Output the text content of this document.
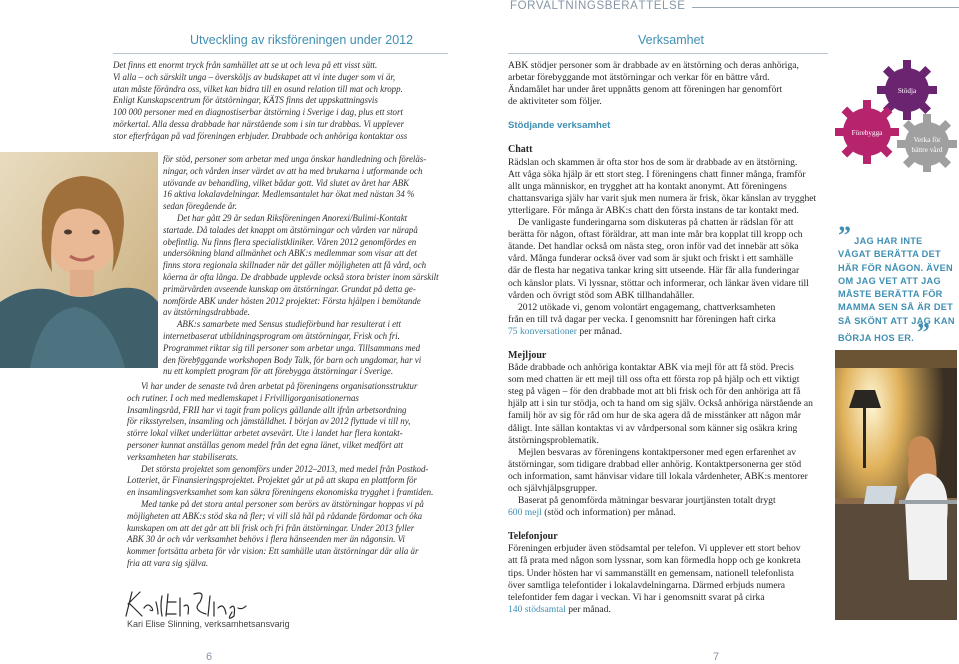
FÖRVALTNINGSBERÄTTELSE
Utveckling av riksföreningen under 2012	Verksamhet

Det finns ett enormt tryck från samhället att se ut och leva på ett visst sätt.

Vi alla – och särskilt unga – översköljs av budskapet att vi inte duger som vi är,

utan måste förändra oss, vilket kan bidra till en osund relation till mat och kropp.

Enligt Kunskapscentrum för ätstörningar, KÄTS finns det uppskattningsvis

100 000 personer med en diagnostiserbar ätstörning i Sverige i dag, plus ett stort

mörkertal. Alla dessa drabbade har närstående som i sin tur drabbas. Vi upplever

stor efterfrågan på vad föreningen erbjuder. Drabbade och anhöriga kontaktar oss

för stöd, personer som arbetar med unga önskar handledning och föreläs-

ningar, och vården inser värdet av att ha med brukarna i utformande och

utövande av behandling, vilket bådar gott. Vid slutet av året har ABK

16 aktiva lokalavdelningar. Medlemsantalet har ökat med nästan 34 %

sedan föregående år.

Det har gått 29 år sedan Riksföreningen Anorexi/Bulimi-Kontakt

startade. Då talades det knappt om ätstörningar och vården var närapå

obefintlig. Nu finns flera specialistkliniker. Våren 2012 genomfördes en

undersökning bland allmänhet och ABK:s medlemmar som visar att det

finns stora regionala skillnader när det gäller möjligheten att få vård, och

köerna är ofta långa. De drabbade upplevde också stora brister inom särskilt

primärvården avseende kunskap om ätstörningar. Grundat på detta ge-

nomförde ABK under hösten 2012 projektet: Första hjälpen i bemötande

av ätstörningsdrabbade.

ABK:s samarbete med Sensus studieförbund har resulterat i ett

internetbaserat utbildningsprogram om ätstörningar, Frisk och fri.

Programmet riktar sig till personer som arbetar unga. Tillsammans med

den föreby̌ggande workshopen Body Talk, för barn och ungdomar, har vi

nu ett komplett program för att förebygga ätstörningar i Sverige.

Vi har under de senaste två åren arbetat på föreningens organisationsstruktur

och rutiner. I och med medlemskapet i Frivilligorganisationernas

Insamlingsråd, FRII har vi tagit fram policys gällande allt ifrån arbetsordning

för riksstyrelsen, insamling och jämställdhet. I början av 2012 flyttade vi till ny,

större lokal vilket underlättar arbetet avsevärt. Ute i landet har flera kontakt-

personer kunnat anställas genom medel från det egna länet, vilket medfört att

verksamheten har stabiliserats.

Det största projektet som genomförs under 2012–2013, med medel från Postkod-

Lotteriet, är Finansieringsprojektet. Projektet går ut på att skapa en plattform för

en insamlingsverksamhet som kan säkra föreningens ekonomiska trygghet i framtiden.

Med tanke på det stora antal personer som berörs av ätstörningar hoppas vi på

möjligheten att ABK:s stöd ska nå fler; vi vill slå hål på rådande fördomar och öka

kunskapen om att det går att bli frisk och fri från ätstörningar. Under 2013 fyller

ABK 30 år och vår verksamhet behövs i flera hänseenden mer än någonsin. Vi

kommer fortsätta arbeta för vår vision: Ett samhälle utan ätstörningar där alla är

fria att vara sig själva.

Kari Elise Slinning, verksamhetsansvarig
6	7

ABK stödjer personer som är drabbade av en ätstörning och deras anhöriga,

arbetar förebyggande mot ätstörningar och verkar för en bättre vård.

Ändamålet har under året uppnåtts genom att föreningen har genomfört

de aktiviteter som följer.

Stödjande verksamhet

Chatt

Rädslan och skammen är ofta stor hos de som är drabbade av en ätstörning.

Att våga söka hjälp är ett stort steg. I föreningens chatt finner många, framför

allt unga människor, en trygghet att ha kontakt anonymt. Att föreningens

chattansvariga själv har varit sjuk men numera är frisk, ökar känslan av trygghet

ytterligare. För många är ABK:s chatt den första instans de tar kontakt med.

De vanligaste funderingarna som diskuteras på chatten är rädslan för att

berätta för någon, oftast föräldrar, att man inte mår bra kopplat till kropp och

ätande. Det handlar också om nästa steg, oron inför vad det innebär att söka

vård. Många funderar också över vad som är sjukt och friskt i ett samhälle

där de flesta har negativa tankar kring sitt utseende. Här får alla funderingar

och känslor plats. Vi lyssnar, stöttar och informerar, och länkar även vidare till

vården och övrigt stöd som ABK tillhandahåller.

2012 utökade vi, genom volontärt engagemang, chattverksamheten

från en till två dagar per vecka. I genomsnitt har föreningen haft cirka

75 konversationer per månad.

Mejljour

Både drabbade och anhöriga kontaktar ABK via mejl för att få stöd. Precis

som med chatten är ett mejl till oss ofta ett första rop på hjälp och ett viktigt

steg på vägen – för den drabbade mot att bli frisk och för den anhöriga att få

hjälp att i sin tur stödja, och ta hand om sig själv. Också anhöriga närstående an

familj hör av sig för råd om hur de ska agera då de misstänker att någon mår

dåligt. Inte sällan kontaktas vi av vårdpersonal som känner sig osäkra kring

ätstörningsproblematik.

Mejlen besvaras av föreningens kontaktpersoner med egen erfarenhet av

ätstörningar, som tidigare drabbad eller anhörig. Kontaktpersonerna ger stöd

och information, samt hänvisar vidare till lokala vårdenheter, ABK:s mentorer

och självhjälpsgrupper.

Baserat på genomförda mätningar besvarar jourtjänsten totalt drygt

600 mejl (stöd och information) per månad.

Telefonjour

Föreningen erbjuder även stödsamtal per telefon. Vi upplever ett stort behov

att få prata med någon som lyssnar, som kan förmedla hopp och ge konkreta

tips. Under hösten har vi sammanställt en gemensam, nationell telefonlista

över samtliga telefontider i lokalavdelningarna. Därmed erbjuds numera

telefontider fem dagar i veckan. Vi har i genomsnitt svarat på cirka

140 stödsamtal per månad.

Stödja
Förebygga
Verka för
bättre vård
” JAG HAR INTE VÅGAT BERÄTTA DET HÄR FÖR NÅGON. ÄVEN OM JAG VET ATT JAG MÅSTE BERÄTTA FÖR MAMMA SEN SÅ ÄR DET SÅ SKÖNT ATT JAG KAN BÖRJA HOS ER. ”
